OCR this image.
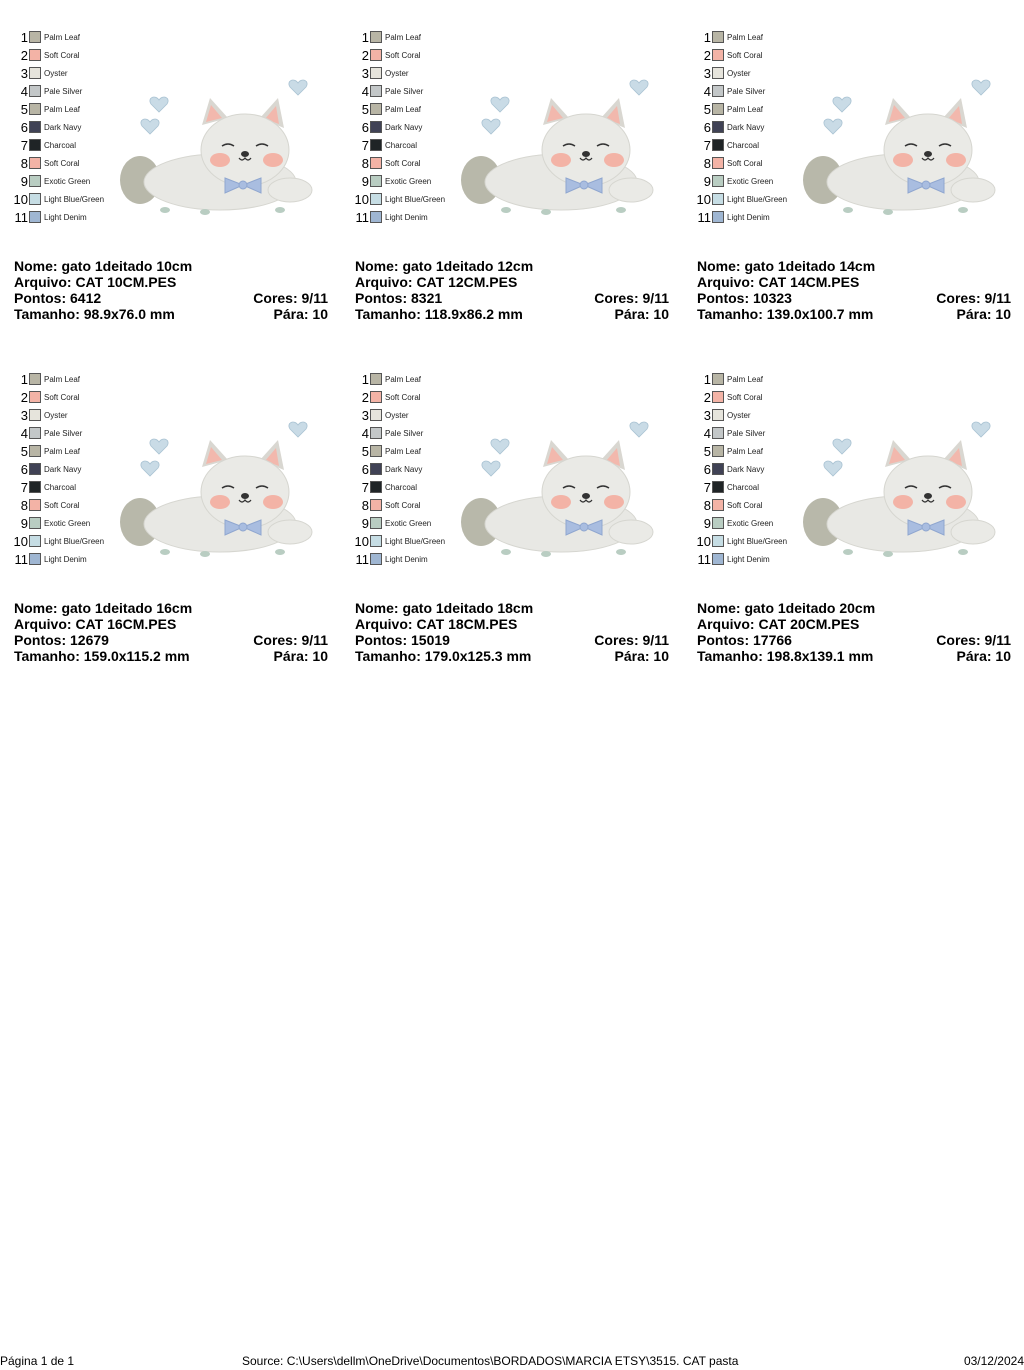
1 Palm Leaf
2 Soft Coral
3 Oyster
4 Pale Silver
5 Palm Leaf
6 Dark Navy
7 Charcoal
8 Soft Coral
9 Exotic Green
10 Light Blue/Green
11 Light Denim
Nome: gato 1deitado 10cm
Arquivo: CAT 10CM.PES
Pontos: 6412	Cores: 9/11
Tamanho: 98.9x76.0 mm	Pára: 10
1 Palm Leaf
2 Soft Coral
3 Oyster
4 Pale Silver
5 Palm Leaf
6 Dark Navy
7 Charcoal
8 Soft Coral
9 Exotic Green
10 Light Blue/Green
11 Light Denim
Nome: gato 1deitado 12cm
Arquivo: CAT 12CM.PES
Pontos: 8321	Cores: 9/11
Tamanho: 118.9x86.2 mm	Pára: 10
1 Palm Leaf
2 Soft Coral
3 Oyster
4 Pale Silver
5 Palm Leaf
6 Dark Navy
7 Charcoal
8 Soft Coral
9 Exotic Green
10 Light Blue/Green
11 Light Denim
Nome: gato 1deitado 14cm
Arquivo: CAT 14CM.PES
Pontos: 10323	Cores: 9/11
Tamanho: 139.0x100.7 mm	Pára: 10
1 Palm Leaf
2 Soft Coral
3 Oyster
4 Pale Silver
5 Palm Leaf
6 Dark Navy
7 Charcoal
8 Soft Coral
9 Exotic Green
10 Light Blue/Green
11 Light Denim
Nome: gato 1deitado 16cm
Arquivo: CAT 16CM.PES
Pontos: 12679	Cores: 9/11
Tamanho: 159.0x115.2 mm	Pára: 10
1 Palm Leaf
2 Soft Coral
3 Oyster
4 Pale Silver
5 Palm Leaf
6 Dark Navy
7 Charcoal
8 Soft Coral
9 Exotic Green
10 Light Blue/Green
11 Light Denim
Nome: gato 1deitado 18cm
Arquivo: CAT 18CM.PES
Pontos: 15019	Cores: 9/11
Tamanho: 179.0x125.3 mm	Pára: 10
1 Palm Leaf
2 Soft Coral
3 Oyster
4 Pale Silver
5 Palm Leaf
6 Dark Navy
7 Charcoal
8 Soft Coral
9 Exotic Green
10 Light Blue/Green
11 Light Denim
Nome: gato 1deitado 20cm
Arquivo: CAT 20CM.PES
Pontos: 17766	Cores: 9/11
Tamanho: 198.8x139.1 mm	Pára: 10
Página 1 de 1	Source: C:\Users\dellm\OneDrive\Documentos\BORDADOS\MARCIA ETSY\3515. CAT pasta	03/12/2024
